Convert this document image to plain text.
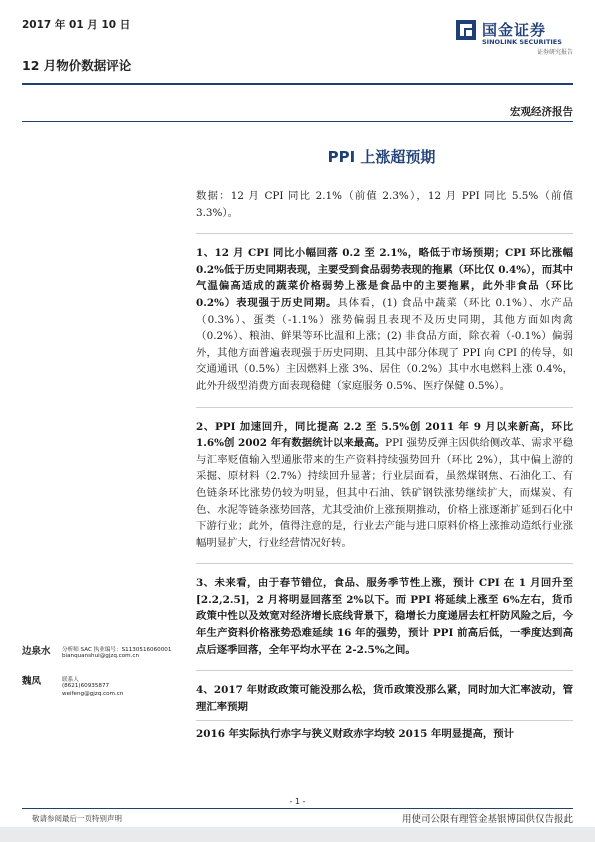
2017 年 01 月 10 日	国金证券
SINOLINK SECURITIES
证券研究报告
12 月物价数据评论
宏观经济报告
PPI 上涨超预期

数据：12 月 CPI 同比 2.1%（前值 2.3%），12 月 PPI 同比 5.5%（前值 3.3%）。

1、12 月 CPI 同比小幅回落 0.2 至 2.1%，略低于市场预期；CPI 环比涨幅 0.2%低于历史同期表现，主要受到食品弱势表现的拖累（环比仅 0.4%），而其中气温偏高适成的蔬菜价格弱势上涨是食品中的主要拖累，此外非食品（环比 0.2%）表现强于历史同期。具体看，(1) 食品中蔬菜（环比 0.1%）、水产品（0.3%）、蛋类（-1.1%）涨势偏弱且表现不及历史同期，其他方面如肉禽（0.2%）、粮油、鲜果等环比温和上涨；(2) 非食品方面，除衣着（-0.1%）偏弱外，其他方面普遍表现强于历史同期、且其中部分体现了 PPI 向 CPI 的传导，如交通通讯（0.5%）主因燃料上涨 3%、居住（0.2%）其中水电燃料上涨 0.4%，此外升级型消费方面表现稳健（家庭服务 0.5%、医疗保健 0.5%）。

2、PPI 加速回升，同比提高 2.2 至 5.5%创 2011 年 9 月以来新高，环比 1.6%创 2002 年有数据统计以来最高。PPI 强势反弹主因供给侧改革、需求平稳与汇率贬值输入型通胀带来的生产资料持续强势回升（环比 2%），其中偏上游的采掘、原材料（2.7%）持续回升显著；行业层面看，虽然煤钢焦、石油化工、有色链条环比涨势仍较为明显，但其中石油、铁矿钢铁涨势继续扩大，而煤炭、有色、水泥等链条涨势回落，尤其受油价上涨预期推动，价格上涨逐渐扩延到石化中下游行业；此外，值得注意的是，行业去产能与进口原料价格上涨推动造纸行业涨幅明显扩大，行业经营情况好转。

3、未来看，由于春节错位，食品、服务季节性上涨，预计 CPI 在 1 月回升至[2.2,2.5]，2 月将明显回落至 2%以下。而 PPI 将延续上涨至 6%左右，货币政策中性以及效宽对经济增长底线背景下，稳增长力度递居去杠杆防风险之后，今年生产资料价格涨势恐难延续 16 年的强势，预计 PPI 前高后低，一季度达到高点后逐季回落，全年平均水平在 2-2.5%之间。

4、2017 年财政政策可能没那么松，货币政策没那么紧，同时加大汇率波动，管理汇率预期

2016 年实际执行赤字与狭义财政赤字均较 2015 年明显提高，预计

边泉水 分析师 SAC 执业编号：S1130516060001
bianquanshui@gjzq.com.cn
魏凤	联系人
(8621)60935877
weifeng@gjzq.com.cn
- 1 -
敬请参阅最后一页特别声明	用使司公限有理管金基银博国供仅告报此
